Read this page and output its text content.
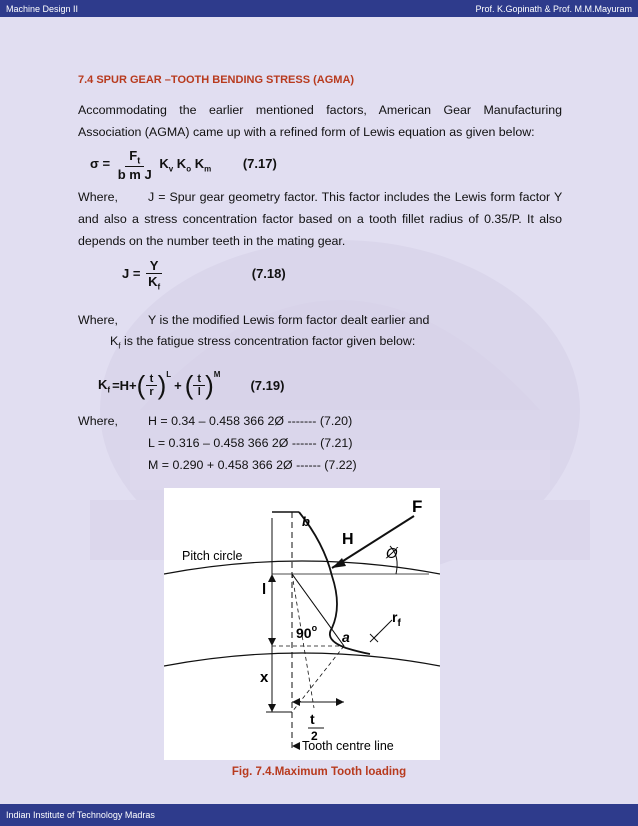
Machine Design II	Prof. K.Gopinath & Prof. M.M.Mayuram
7.4 SPUR GEAR –TOOTH BENDING STRESS (AGMA)
Accommodating the earlier mentioned factors, American Gear Manufacturing Association (AGMA) came up with a refined form of Lewis equation as given below:
$\sigma = \frac{F_t}{\text{b m J}} K_v$ $K_o$ $K_m$ (7.17)
Where, J = Spur gear geometry factor. This factor includes the Lewis form factor Y and also a stress concentration factor based on a tooth fillet radius of 0.35/P. It also depends on the number teeth in the mating gear.
$J = \frac{Y}{K_f}$	(7.18)
Where, Y is the modified Lewis form factor dealt earlier and
$K_f$ is the fatigue stress concentration factor given below:
$K_f =H+$ ( $\frac{t}{r} )^L$
+ ( $\frac{t}{l} )^M$
(7.19)
Where, H = 0.34 – 0.458 366 2Ø ------- (7.20)
L = 0.316 – 0.458 366 2Ø ------ (7.21)
M = 0.290 + 0.458 366 2Ø ------ (7.22)
b
F
H
Ø
Pitch circle
l
$r_f$
90$^o$
a
x
t
2
Tooth centre line
Fig. 7.4.Maximum Tooth loading
Indian Institute of Technology Madras
